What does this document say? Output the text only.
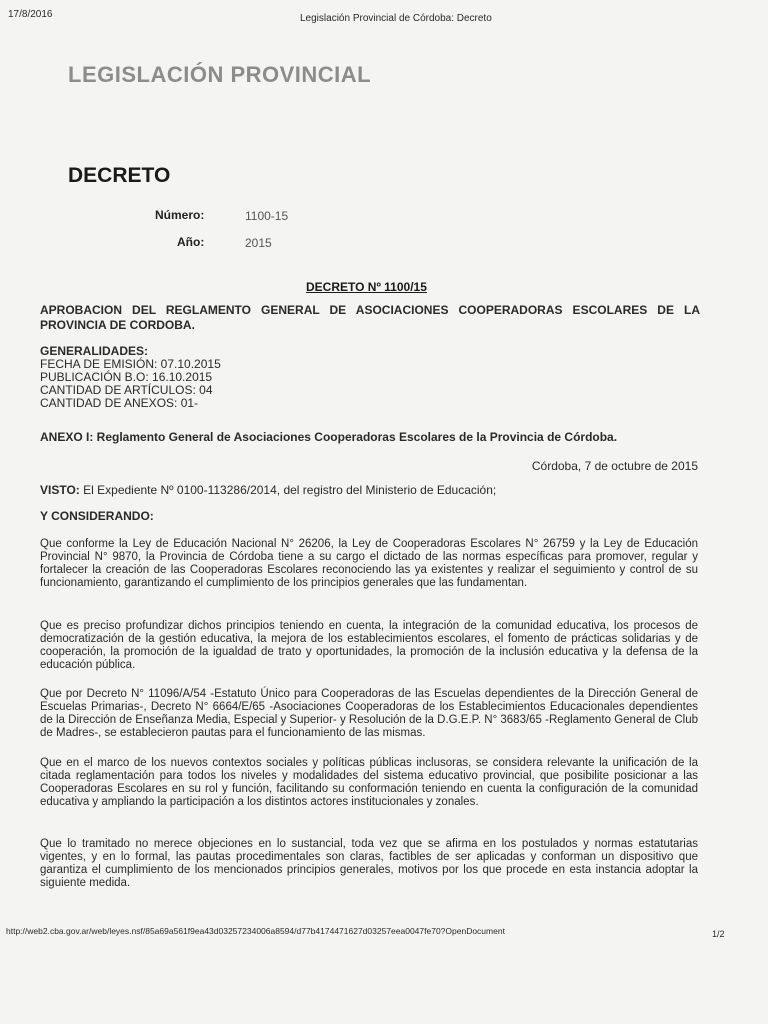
17/8/2016	Legislación Provincial de Córdoba: Decreto
LEGISLACIÓN PROVINCIAL
DECRETO
Número:	1100-15
Año:	2015
DECRETO Nº 1100/15
APROBACION DEL REGLAMENTO GENERAL DE ASOCIACIONES COOPERADORAS ESCOLARES DE LA PROVINCIA DE CORDOBA.
GENERALIDADES:
FECHA DE EMISIÓN: 07.10.2015
PUBLICACIÓN B.O: 16.10.2015
CANTIDAD DE ARTÍCULOS: 04
CANTIDAD DE ANEXOS: 01-
ANEXO I: Reglamento General de Asociaciones Cooperadoras Escolares de la Provincia de Córdoba.
Córdoba, 7 de octubre de 2015
VISTO: El Expediente Nº 0100-113286/2014, del registro del Ministerio de Educación;
Y CONSIDERANDO:
Que conforme la Ley de Educación Nacional N° 26206, la Ley de Cooperadoras Escolares N° 26759 y la Ley de Educación Provincial N° 9870, la Provincia de Córdoba tiene a su cargo el dictado de las normas específicas para promover, regular y fortalecer la creación de las Cooperadoras Escolares reconociendo las ya existentes y realizar el seguimiento y control de su funcionamiento, garantizando el cumplimiento de los principios generales que las fundamentan.
Que es preciso profundizar dichos principios teniendo en cuenta, la integración de la comunidad educativa, los procesos de democratización de la gestión educativa, la mejora de los establecimientos escolares, el fomento de prácticas solidarias y de cooperación, la promoción de la igualdad de trato y oportunidades, la promoción de la inclusión educativa y la defensa de la educación pública.
Que por Decreto N° 11096/A/54 -Estatuto Único para Cooperadoras de las Escuelas dependientes de la Dirección General de Escuelas Primarias-, Decreto N° 6664/E/65 -Asociaciones Cooperadoras de los Establecimientos Educacionales dependientes de la Dirección de Enseñanza Media, Especial y Superior- y Resolución de la D.G.E.P. N° 3683/65 -Reglamento General de Club de Madres-, se establecieron pautas para el funcionamiento de las mismas.
Que en el marco de los nuevos contextos sociales y políticas públicas inclusoras, se considera relevante la unificación de la citada reglamentación para todos los niveles y modalidades del sistema educativo provincial, que posibilite posicionar a las Cooperadoras Escolares en su rol y función, facilitando su conformación teniendo en cuenta la configuración de la comunidad educativa y ampliando la participación a los distintos actores institucionales y zonales.
Que lo tramitado no merece objeciones en lo sustancial, toda vez que se afirma en los postulados y normas estatutarias vigentes, y en lo formal, las pautas procedimentales son claras, factibles de ser aplicadas y conforman un dispositivo que garantiza el cumplimiento de los mencionados principios generales, motivos por los que procede en esta instancia adoptar la siguiente medida.
http://web2.cba.gov.ar/web/leyes.nsf/85a69a561f9ea43d03257234006a8594/d77b4174471627d03257eea0047fe70?OpenDocument	1/2
